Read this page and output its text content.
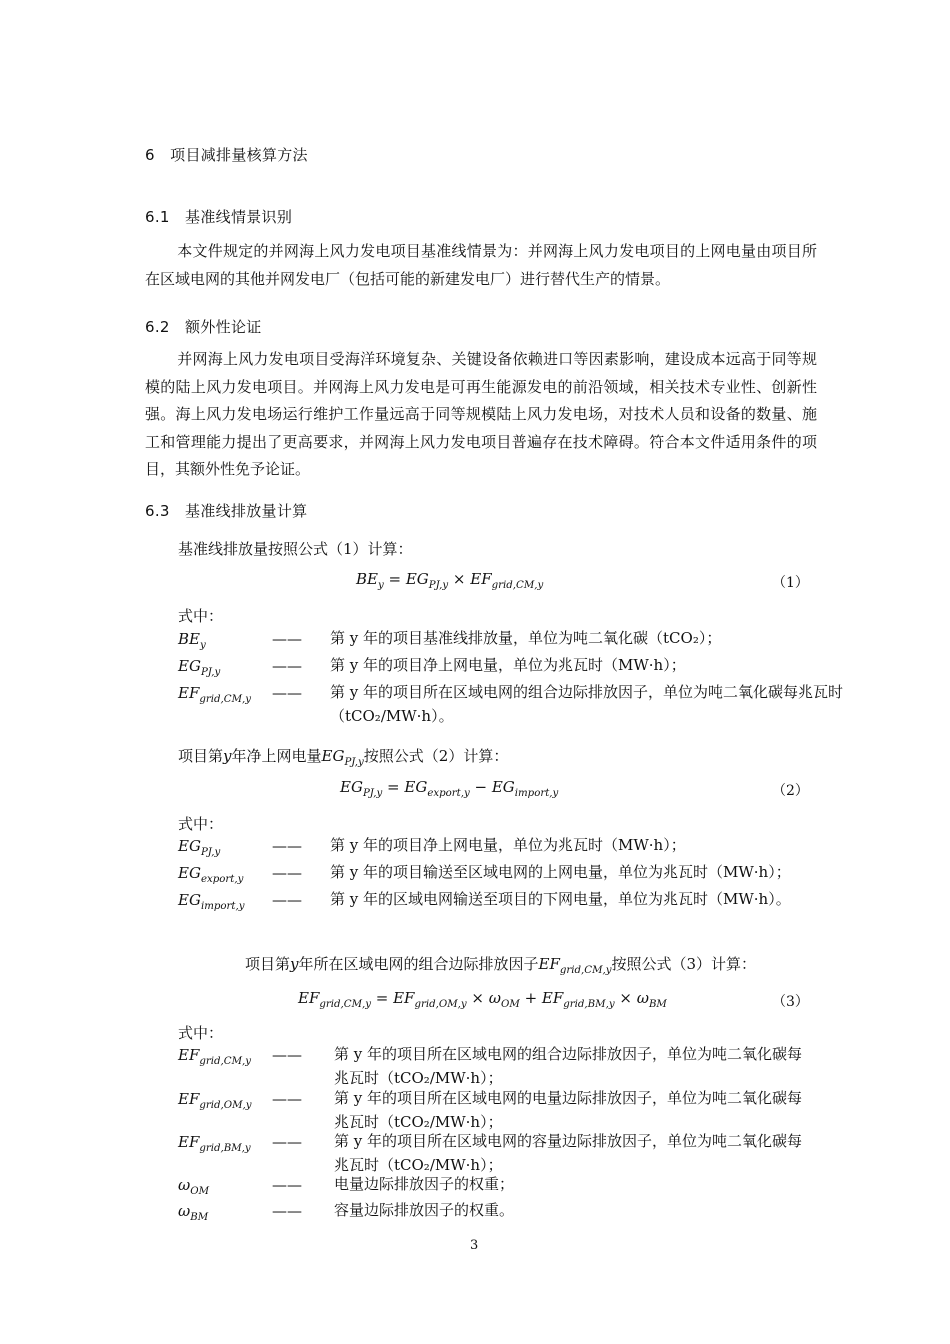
6　项目减排量核算方法
6.1　基准线情景识别
本文件规定的并网海上风力发电项目基准线情景为：并网海上风力发电项目的上网电量由项目所在区域电网的其他并网发电厂（包括可能的新建发电厂）进行替代生产的情景。
6.2　额外性论证
并网海上风力发电项目受海洋环境复杂、关键设备依赖进口等因素影响，建设成本远高于同等规模的陆上风力发电项目。并网海上风力发电是可再生能源发电的前沿领域，相关技术专业性、创新性强。海上风力发电场运行维护工作量远高于同等规模陆上风力发电场，对技术人员和设备的数量、施工和管理能力提出了更高要求，并网海上风力发电项目普遍存在技术障碍。符合本文件适用条件的项目，其额外性免予论证。
6.3　基准线排放量计算
基准线排放量按照公式（1）计算：
$BE_y = EG_{PJ,y} \times EF_{grid,CM,y}$	（1）
式中：
$BE_y$	—— 第 y 年的项目基准线排放量，单位为吨二氧化碳（tCO₂）；
$EG_{PJ,y}$	—— 第 y 年的项目净上网电量，单位为兆瓦时（MW·h）；
$EF_{grid,CM,y}$ —— 第 y 年的项目所在区域电网的组合边际排放因子，单位为吨二氧化碳每兆瓦时（tCO₂/MW·h）。
项目第y年净上网电量$EG_{PJ,y}$按照公式（2）计算：
$EG_{PJ,y} = EG_{export,y} - EG_{import,y}$	（2）
式中：
$EG_{PJ,y}$	—— 第 y 年的项目净上网电量，单位为兆瓦时（MW·h）；
$EG_{export,y}$ —— 第 y 年的项目输送至区域电网的上网电量，单位为兆瓦时（MW·h）；
$EG_{import,y}$ —— 第 y 年的区域电网输送至项目的下网电量，单位为兆瓦时（MW·h）。
项目第y年所在区域电网的组合边际排放因子$EF_{grid,CM,y}$按照公式（3）计算：
$EF_{grid,CM,y} = EF_{grid,OM,y} \times \omega_{OM} + EF_{grid,BM,y} \times \omega_{BM}$	（3）
式中：
$EF_{grid,CM,y}$ —— 第 y 年的项目所在区域电网的组合边际排放因子，单位为吨二氧化碳每兆瓦时（tCO₂/MW·h）；
$EF_{grid,OM,y}$ —— 第 y 年的项目所在区域电网的电量边际排放因子，单位为吨二氧化碳每兆瓦时（tCO₂/MW·h）；
$EF_{grid,BM,y}$ —— 第 y 年的项目所在区域电网的容量边际排放因子，单位为吨二氧化碳每兆瓦时（tCO₂/MW·h）；
$\omega_{OM}$	—— 电量边际排放因子的权重；
$\omega_{BM}$	—— 容量边际排放因子的权重。
3
